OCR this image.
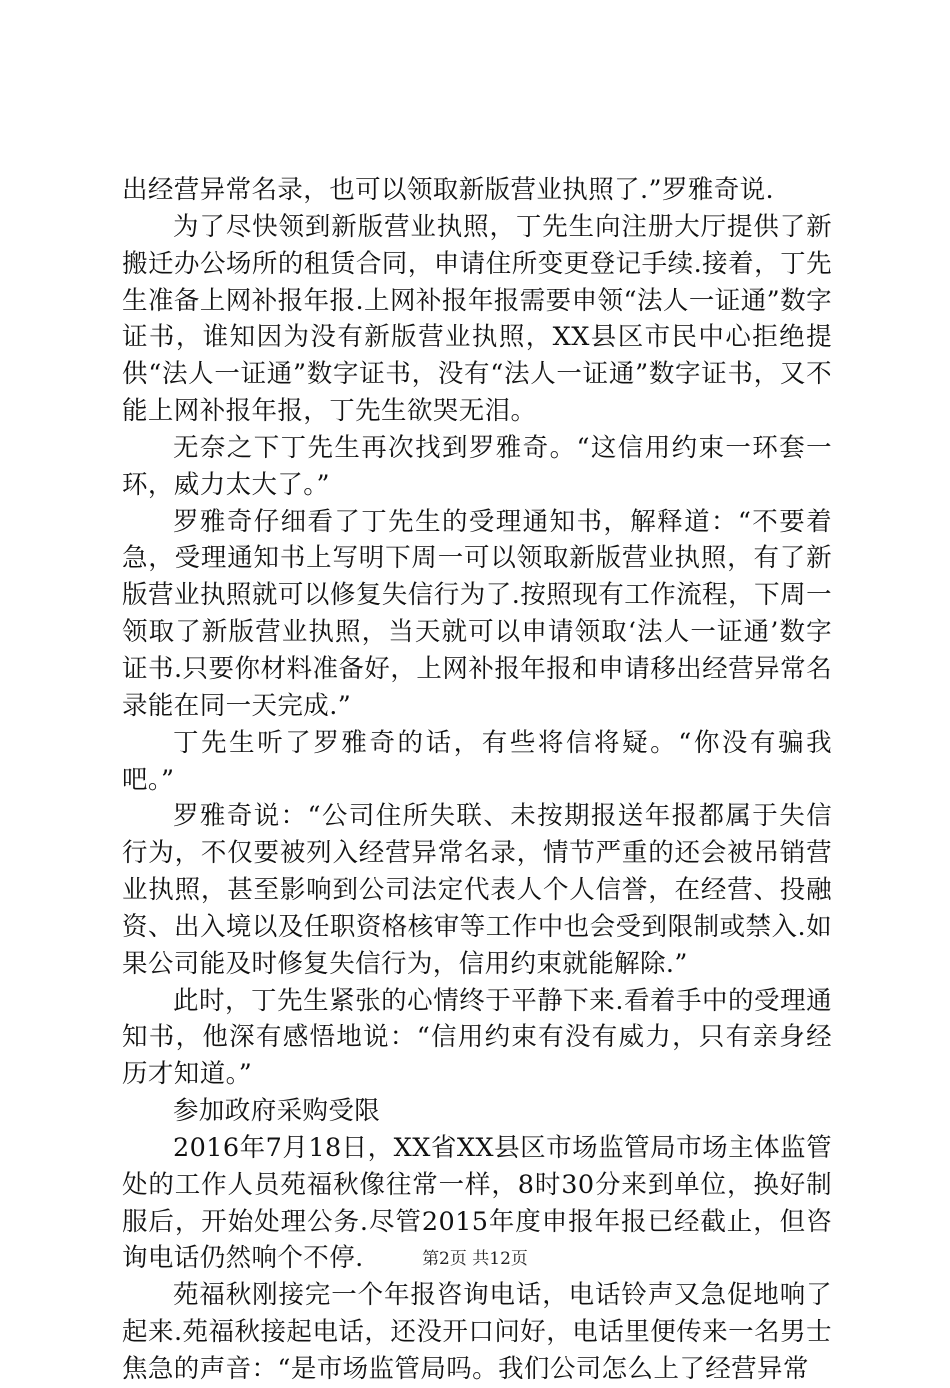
出经营异常名录，也可以领取新版营业执照了.”罗雅奇说.

为了尽快领到新版营业执照，丁先生向注册大厅提供了新搬迁办公场所的租赁合同，申请住所变更登记手续.接着，丁先生准备上网补报年报.上网补报年报需要申领“法人一证通”数字证书，谁知因为没有新版营业执照，XX县区市民中心拒绝提供“法人一证通”数字证书，没有“法人一证通”数字证书，又不能上网补报年报，丁先生欲哭无泪。

无奈之下丁先生再次找到罗雅奇。“这信用约束一环套一环，威力太大了。”

罗雅奇仔细看了丁先生的受理通知书，解释道：“不要着急，受理通知书上写明下周一可以领取新版营业执照，有了新版营业执照就可以修复失信行为了.按照现有工作流程，下周一领取了新版营业执照，当天就可以申请领取‘法人一证通’数字证书.只要你材料准备好，上网补报年报和申请移出经营异常名录能在同一天完成.”

丁先生听了罗雅奇的话，有些将信将疑。“你没有骗我吧。”

罗雅奇说：“公司住所失联、未按期报送年报都属于失信行为，不仅要被列入经营异常名录，情节严重的还会被吊销营业执照，甚至影响到公司法定代表人个人信誉，在经营、投融资、出入境以及任职资格核审等工作中也会受到限制或禁入.如果公司能及时修复失信行为，信用约束就能解除.”

此时，丁先生紧张的心情终于平静下来.看着手中的受理通知书，他深有感悟地说：“信用约束有没有威力，只有亲身经历才知道。”

参加政府采购受限

2016年7月18日，XX省XX县区市场监管局市场主体监管处的工作人员苑福秋像往常一样，8时30分来到单位，换好制服后，开始处理公务.尽管2015年度申报年报已经截止，但咨询电话仍然响个不停.

苑福秋刚接完一个年报咨询电话，电话铃声又急促地响了起来.苑福秋接起电话，还没开口问好，电话里便传来一名男士焦急的声音：“是市场监管局吗。我们公司怎么上了经营异常

第2页 共12页
